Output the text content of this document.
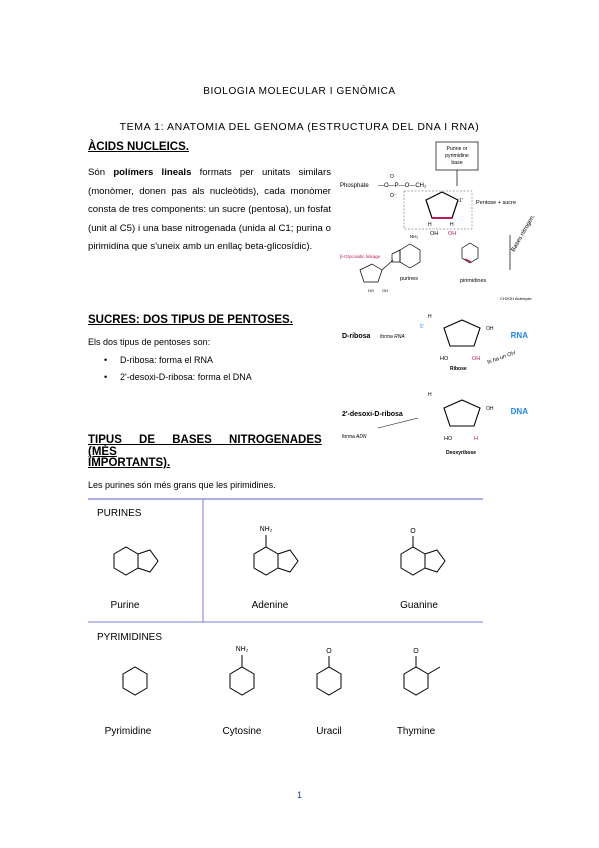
BIOLOGIA MOLECULAR I GENÒMICA
TEMA 1: ANATOMIA DEL GENOMA (ESTRUCTURA DEL DNA I RNA)
ÀCIDS NUCLEICS.
Són polímers lineals formats per unitats similars (monòmer, donen pas als nucleòtids), cada monòmer consta de tres components: un sucre (pentosa), un fosfat (unit al C5) i una base nitrogenada (unida al C1; purina o pirimidina que s'uneix amb un enllaç beta-glicosídic).
SUCRES: DOS TIPUS DE PENTOSES.
Els dos tipus de pentoses son:
• D-ribosa: forma el RNA
• 2'-desoxi-D-ribosa: forma el DNA
TIPUS DE BASES NITROGENADES (MÉS
IMPORTANTS).
Les purines són més grans que les pirimidines.
Purine or
pyrimidine
base
Phosphate —O—P—O—CH₂
O
O⁻
H	H
OH OH
1' Pentose + sucre
Bases nitrogen.
β-Glycosidic linkage
NH₂
purines
HO OH
pirimidines
CH2OH Aldehyde
D-ribosa forma RNA
H
5'
HO	OH
OH
Ribose
hi ha un OH
RNA
2'-desoxi-D-ribosa
forma ADN
H
HO	H
OH
Deoxyribose
DNA
PURINES
PYRIMIDINES
Purine
NH₂
Adenine
O
Guanine
Pyrimidine
NH₂
Cytosine
O
Uracil
O
Thymine
1
